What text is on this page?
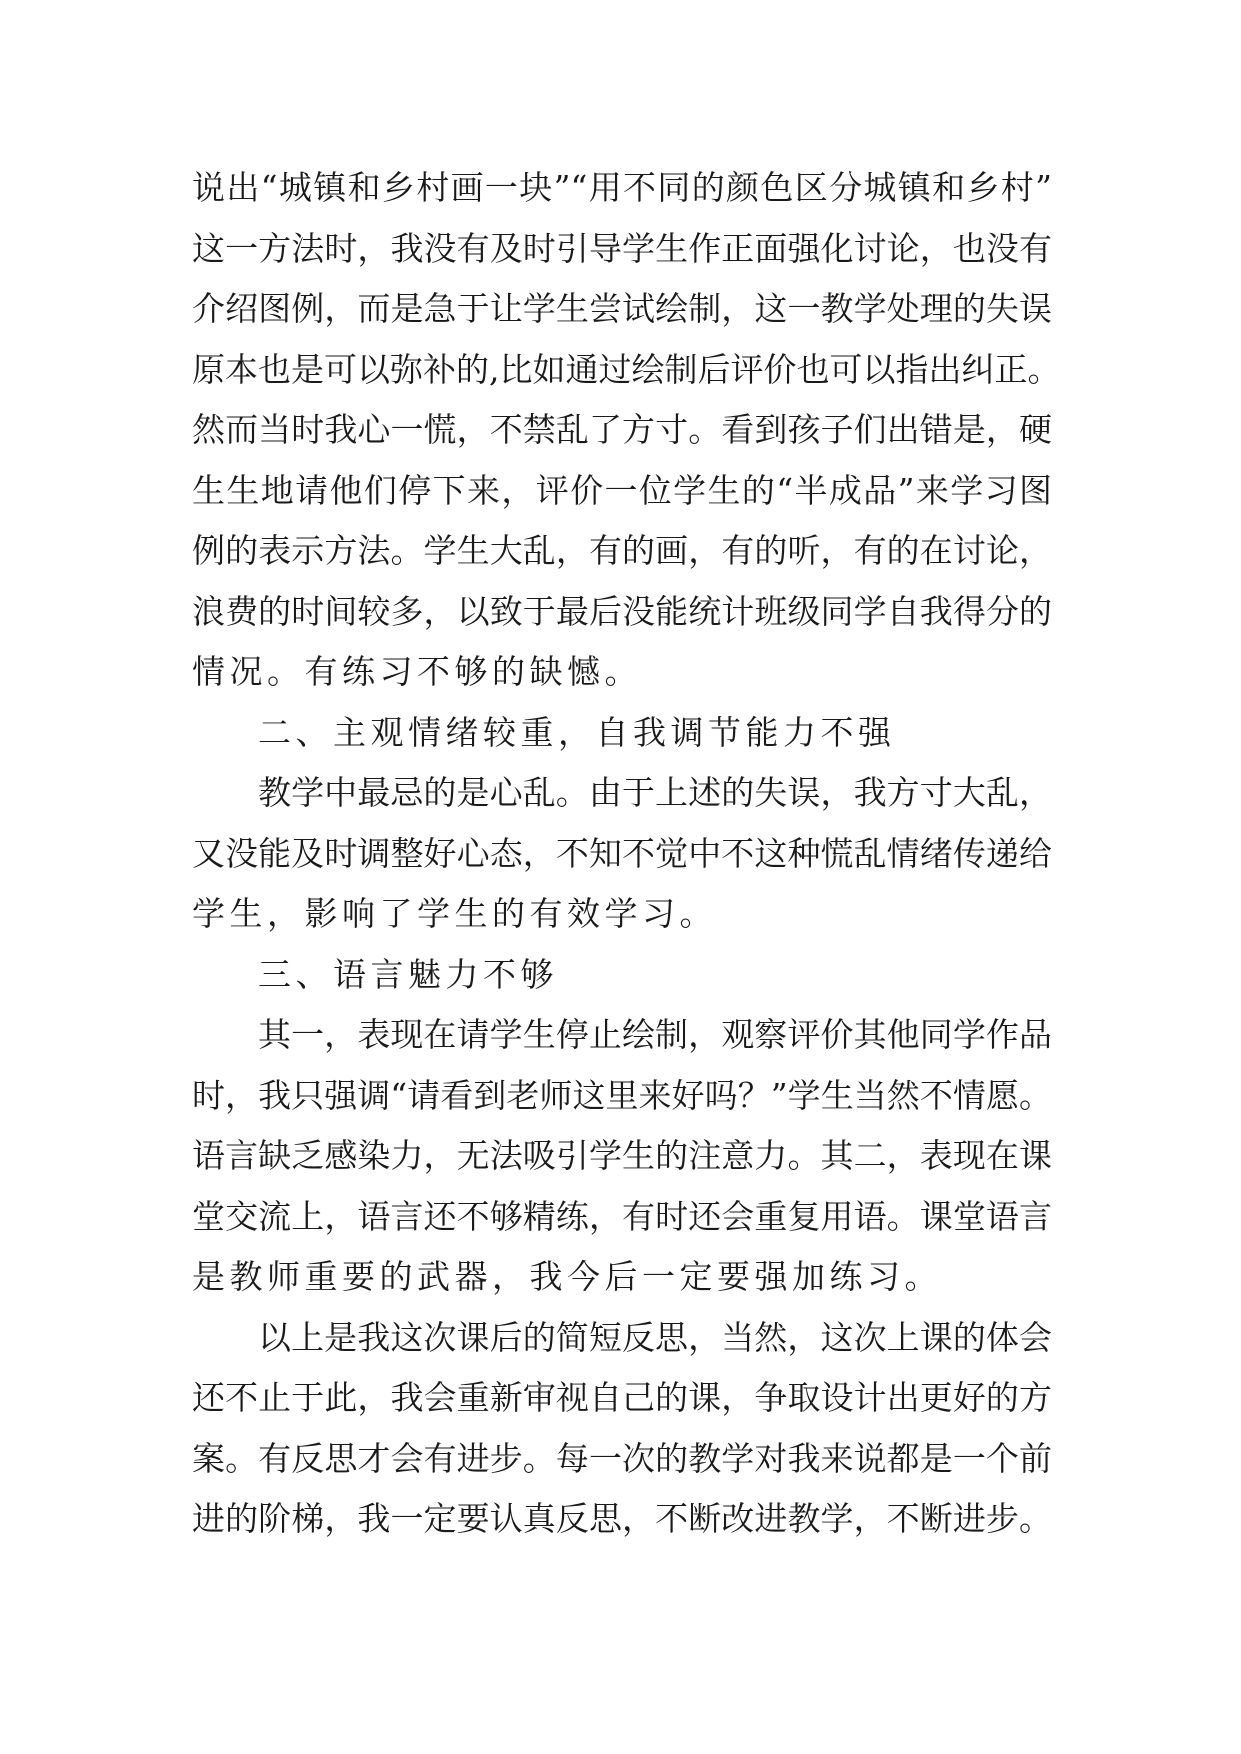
说出“城镇和乡村画一块”“用不同的颜色区分城镇和乡村”
这一方法时，我没有及时引导学生作正面强化讨论，也没有
介绍图例，而是急于让学生尝试绘制，这一教学处理的失误
原本也是可以弥补的,比如通过绘制后评价也可以指出纠正。
然而当时我心一慌，不禁乱了方寸。看到孩子们出错是，硬
生生地请他们停下来，评价一位学生的“半成品”来学习图
例的表示方法。学生大乱，有的画，有的听，有的在讨论，
浪费的时间较多，以致于最后没能统计班级同学自我得分的
情况。有练习不够的缺憾。
二、主观情绪较重，自我调节能力不强
教学中最忌的是心乱。由于上述的失误，我方寸大乱，
又没能及时调整好心态，不知不觉中不这种慌乱情绪传递给
学生，影响了学生的有效学习。
三、语言魅力不够
其一，表现在请学生停止绘制，观察评价其他同学作品
时，我只强调“请看到老师这里来好吗？”学生当然不情愿。
语言缺乏感染力，无法吸引学生的注意力。其二，表现在课
堂交流上，语言还不够精练，有时还会重复用语。课堂语言
是教师重要的武器，我今后一定要强加练习。
以上是我这次课后的简短反思，当然，这次上课的体会
还不止于此，我会重新审视自己的课，争取设计出更好的方
案。有反思才会有进步。每一次的教学对我来说都是一个前
进的阶梯，我一定要认真反思，不断改进教学，不断进步。
